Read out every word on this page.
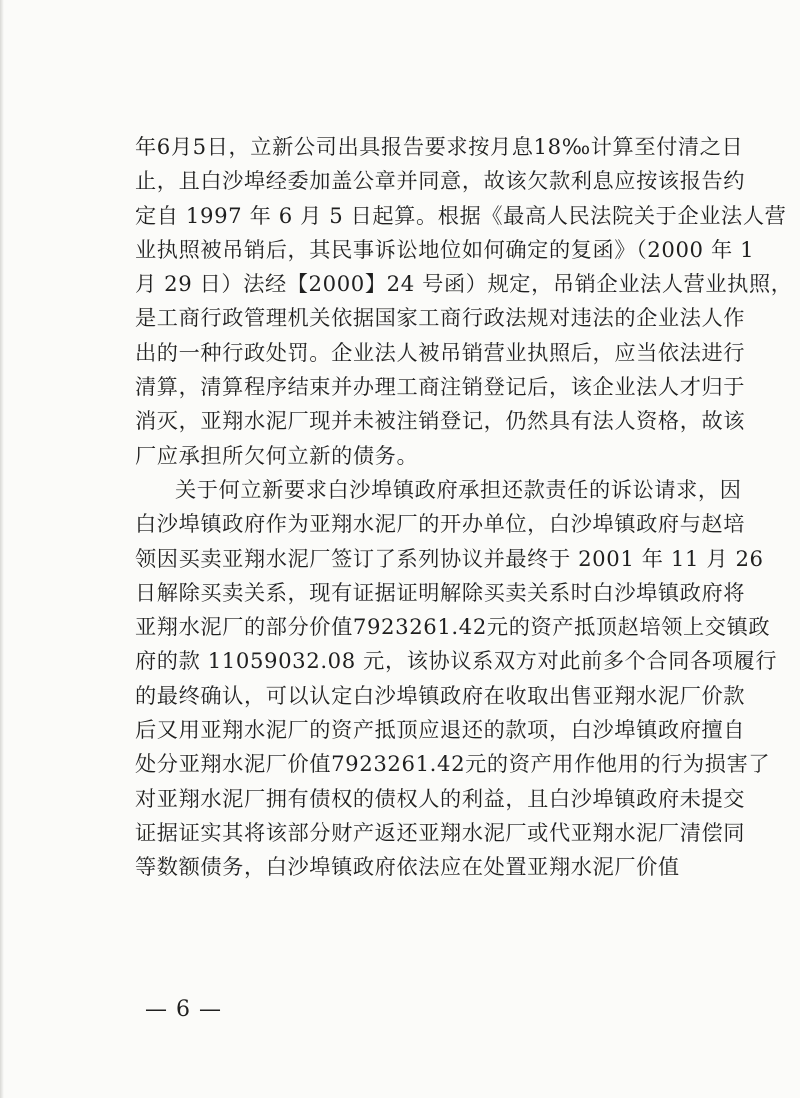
年6月5日，立新公司出具报告要求按月息18‰计算至付清之日
止，且白沙埠经委加盖公章并同意，故该欠款利息应按该报告约
定自 1997 年 6 月 5 日起算。根据《最高人民法院关于企业法人营
业执照被吊销后，其民事诉讼地位如何确定的复函》（2000 年 1
月 29 日）法经【2000】24 号函）规定，吊销企业法人营业执照，
是工商行政管理机关依据国家工商行政法规对违法的企业法人作
出的一种行政处罚。企业法人被吊销营业执照后，应当依法进行
清算，清算程序结束并办理工商注销登记后，该企业法人才归于
消灭，亚翔水泥厂现并未被注销登记，仍然具有法人资格，故该
厂应承担所欠何立新的债务。
关于何立新要求白沙埠镇政府承担还款责任的诉讼请求，因
白沙埠镇政府作为亚翔水泥厂的开办单位，白沙埠镇政府与赵培
领因买卖亚翔水泥厂签订了系列协议并最终于 2001 年 11 月 26
日解除买卖关系，现有证据证明解除买卖关系时白沙埠镇政府将
亚翔水泥厂的部分价值7923261.42元的资产抵顶赵培领上交镇政
府的款 11059032.08 元，该协议系双方对此前多个合同各项履行
的最终确认，可以认定白沙埠镇政府在收取出售亚翔水泥厂价款
后又用亚翔水泥厂的资产抵顶应退还的款项，白沙埠镇政府擅自
处分亚翔水泥厂价值7923261.42元的资产用作他用的行为损害了
对亚翔水泥厂拥有债权的债权人的利益，且白沙埠镇政府未提交
证据证实其将该部分财产返还亚翔水泥厂或代亚翔水泥厂清偿同
等数额债务，白沙埠镇政府依法应在处置亚翔水泥厂价值
— 6 —
